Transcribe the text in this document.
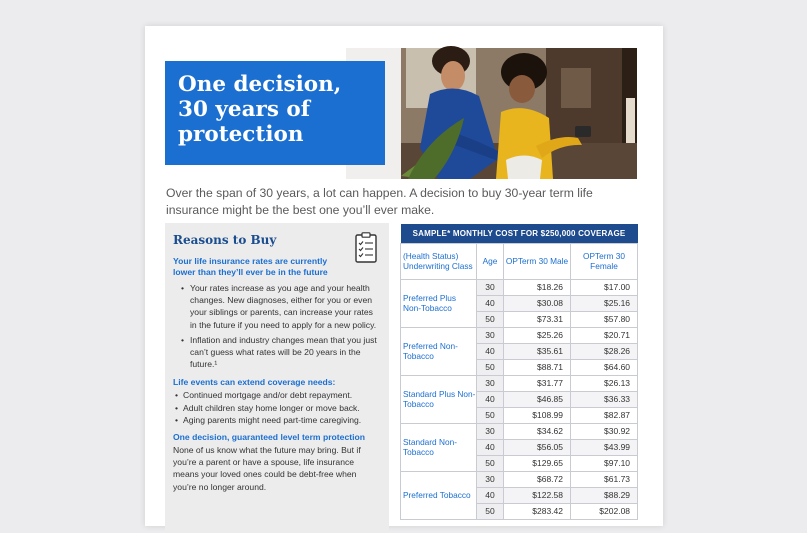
One decision,
30 years of
protection

Over the span of 30 years, a lot can happen. A decision to buy 30-year term life insurance might be the best one you’ll ever make.

Reasons to Buy
Your life insurance rates are currently lower than they’ll ever be in the future
• Your rates increase as you age and your health changes. New diagnoses, either for you or even your siblings or parents, can increase your rates in the future if you need to apply for a new policy.
• Inflation and industry changes mean that you just can’t guess what rates will be 20 years in the future.¹
Life events can extend coverage needs:
• Continued mortgage and/or debt repayment.
• Adult children stay home longer or move back.
• Aging parents might need part-time caregiving.
One decision, guaranteed level term protection

None of us know what the future may bring. But if you’re a parent or have a spouse, life insurance means your loved ones could be debt-free when you’re no longer around.

SAMPLE* MONTHLY COST FOR $250,000 COVERAGE			
(Health Status) Underwriting Class	Age	OPTerm 30 Male	OPTerm 30 Female
Preferred Plus Non-Tobacco	30	$18.26	$17.00
	40	$30.08	$25.16
	50	$73.31	$57.80
Preferred Non-Tobacco	30	$25.26	$20.71
	40	$35.61	$28.26
	50	$88.71	$64.60
Standard Plus Non-Tobacco	30	$31.77	$26.13
	40	$46.85	$36.33
	50	$108.99	$82.87
Standard Non-Tobacco	30	$34.62	$30.92
	40	$56.05	$43.99
	50	$129.65	$97.10
Preferred Tobacco	30	$68.72	$61.73
	40	$122.58	$88.29
	50	$283.42	$202.08
